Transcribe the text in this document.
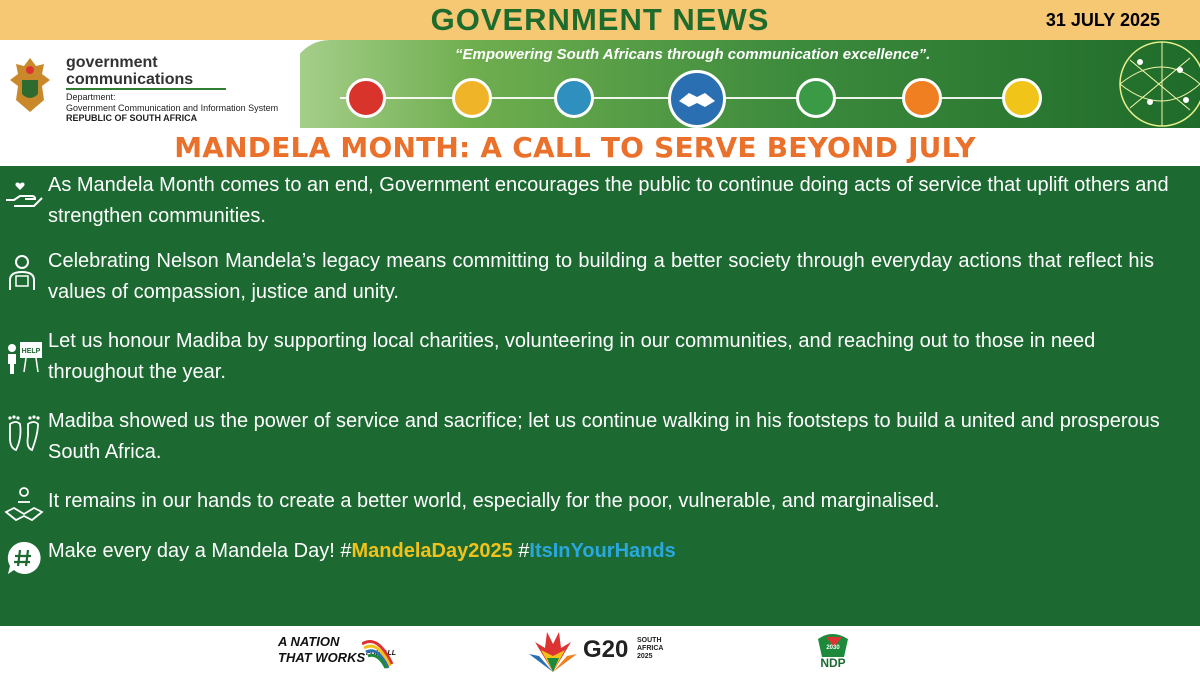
GOVERNMENT NEWS	31 JULY 2025
“Empowering South Africans through communication excellence”.
government
communications
Department:
Government Communication and Information System
REPUBLIC OF SOUTH AFRICA
MANDELA MONTH: A CALL TO SERVE BEYOND JULY
As Mandela Month comes to an end, Government encourages the public to continue doing acts of service that uplift others and strengthen communities.
Celebrating Nelson Mandela’s legacy means committing to building a better society through everyday actions that reflect his values of compassion, justice and unity.
HELP Let us honour Madiba by supporting local charities, volunteering in our communities, and reaching out to those in need throughout the year.
Madiba showed us the power of service and sacrifice; let us continue walking in his footsteps to build a united and prosperous South Africa.
It remains in our hands to create a better world, especially for the poor, vulnerable, and marginalised.
Make every day a Mandela Day! #MandelaDay2025 #ItsInYourHands
A NATION
THAT WORKS FOR ALL	G20 SOUTH
AFRICA
2025
2030
NDP
